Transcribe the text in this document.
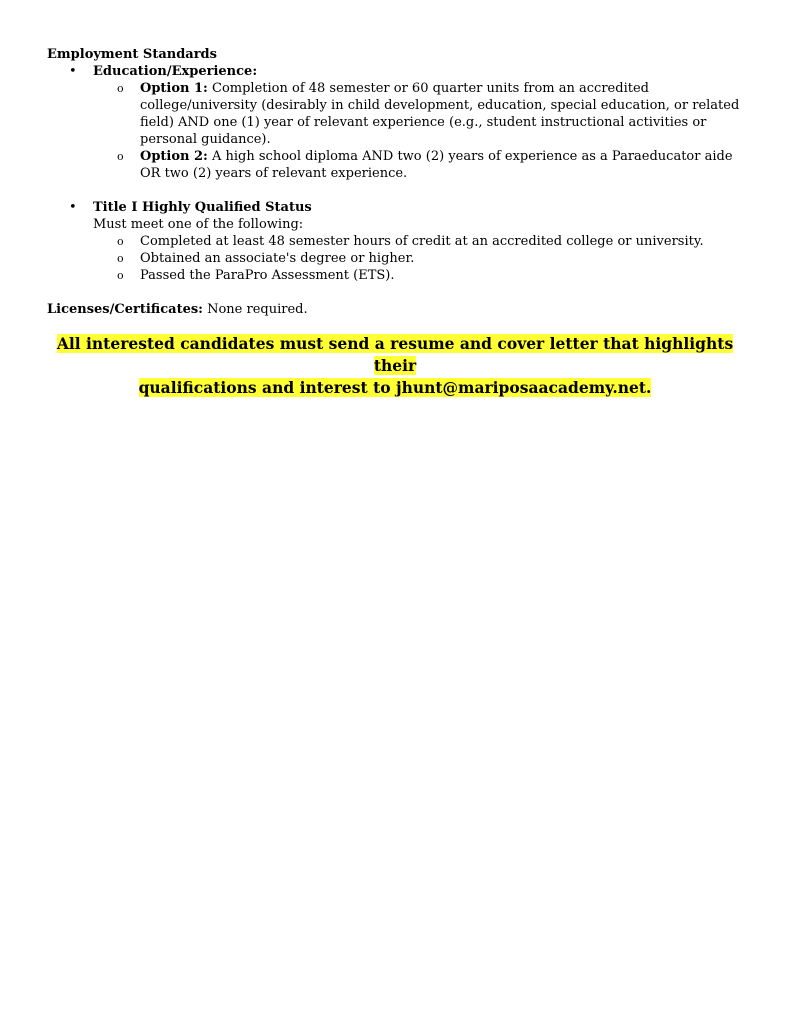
Employment Standards

• Education/Experience:
o Option 1: Completion of 48 semester or 60 quarter units from an accredited college/university (desirably in child development, education, special education, or related field) AND one (1) year of relevant experience (e.g., student instructional activities or personal guidance).
o Option 2: A high school diploma AND two (2) years of experience as a Paraeducator aide OR two (2) years of relevant experience.
• Title I Highly Qualified Status
Must meet one of the following:
o Completed at least 48 semester hours of credit at an accredited college or university.
o Obtained an associate's degree or higher.
o Passed the ParaPro Assessment (ETS).

Licenses/Certificates: None required.

All interested candidates must send a resume and cover letter that highlights their
qualifications and interest to jhunt@mariposaacademy.net.
